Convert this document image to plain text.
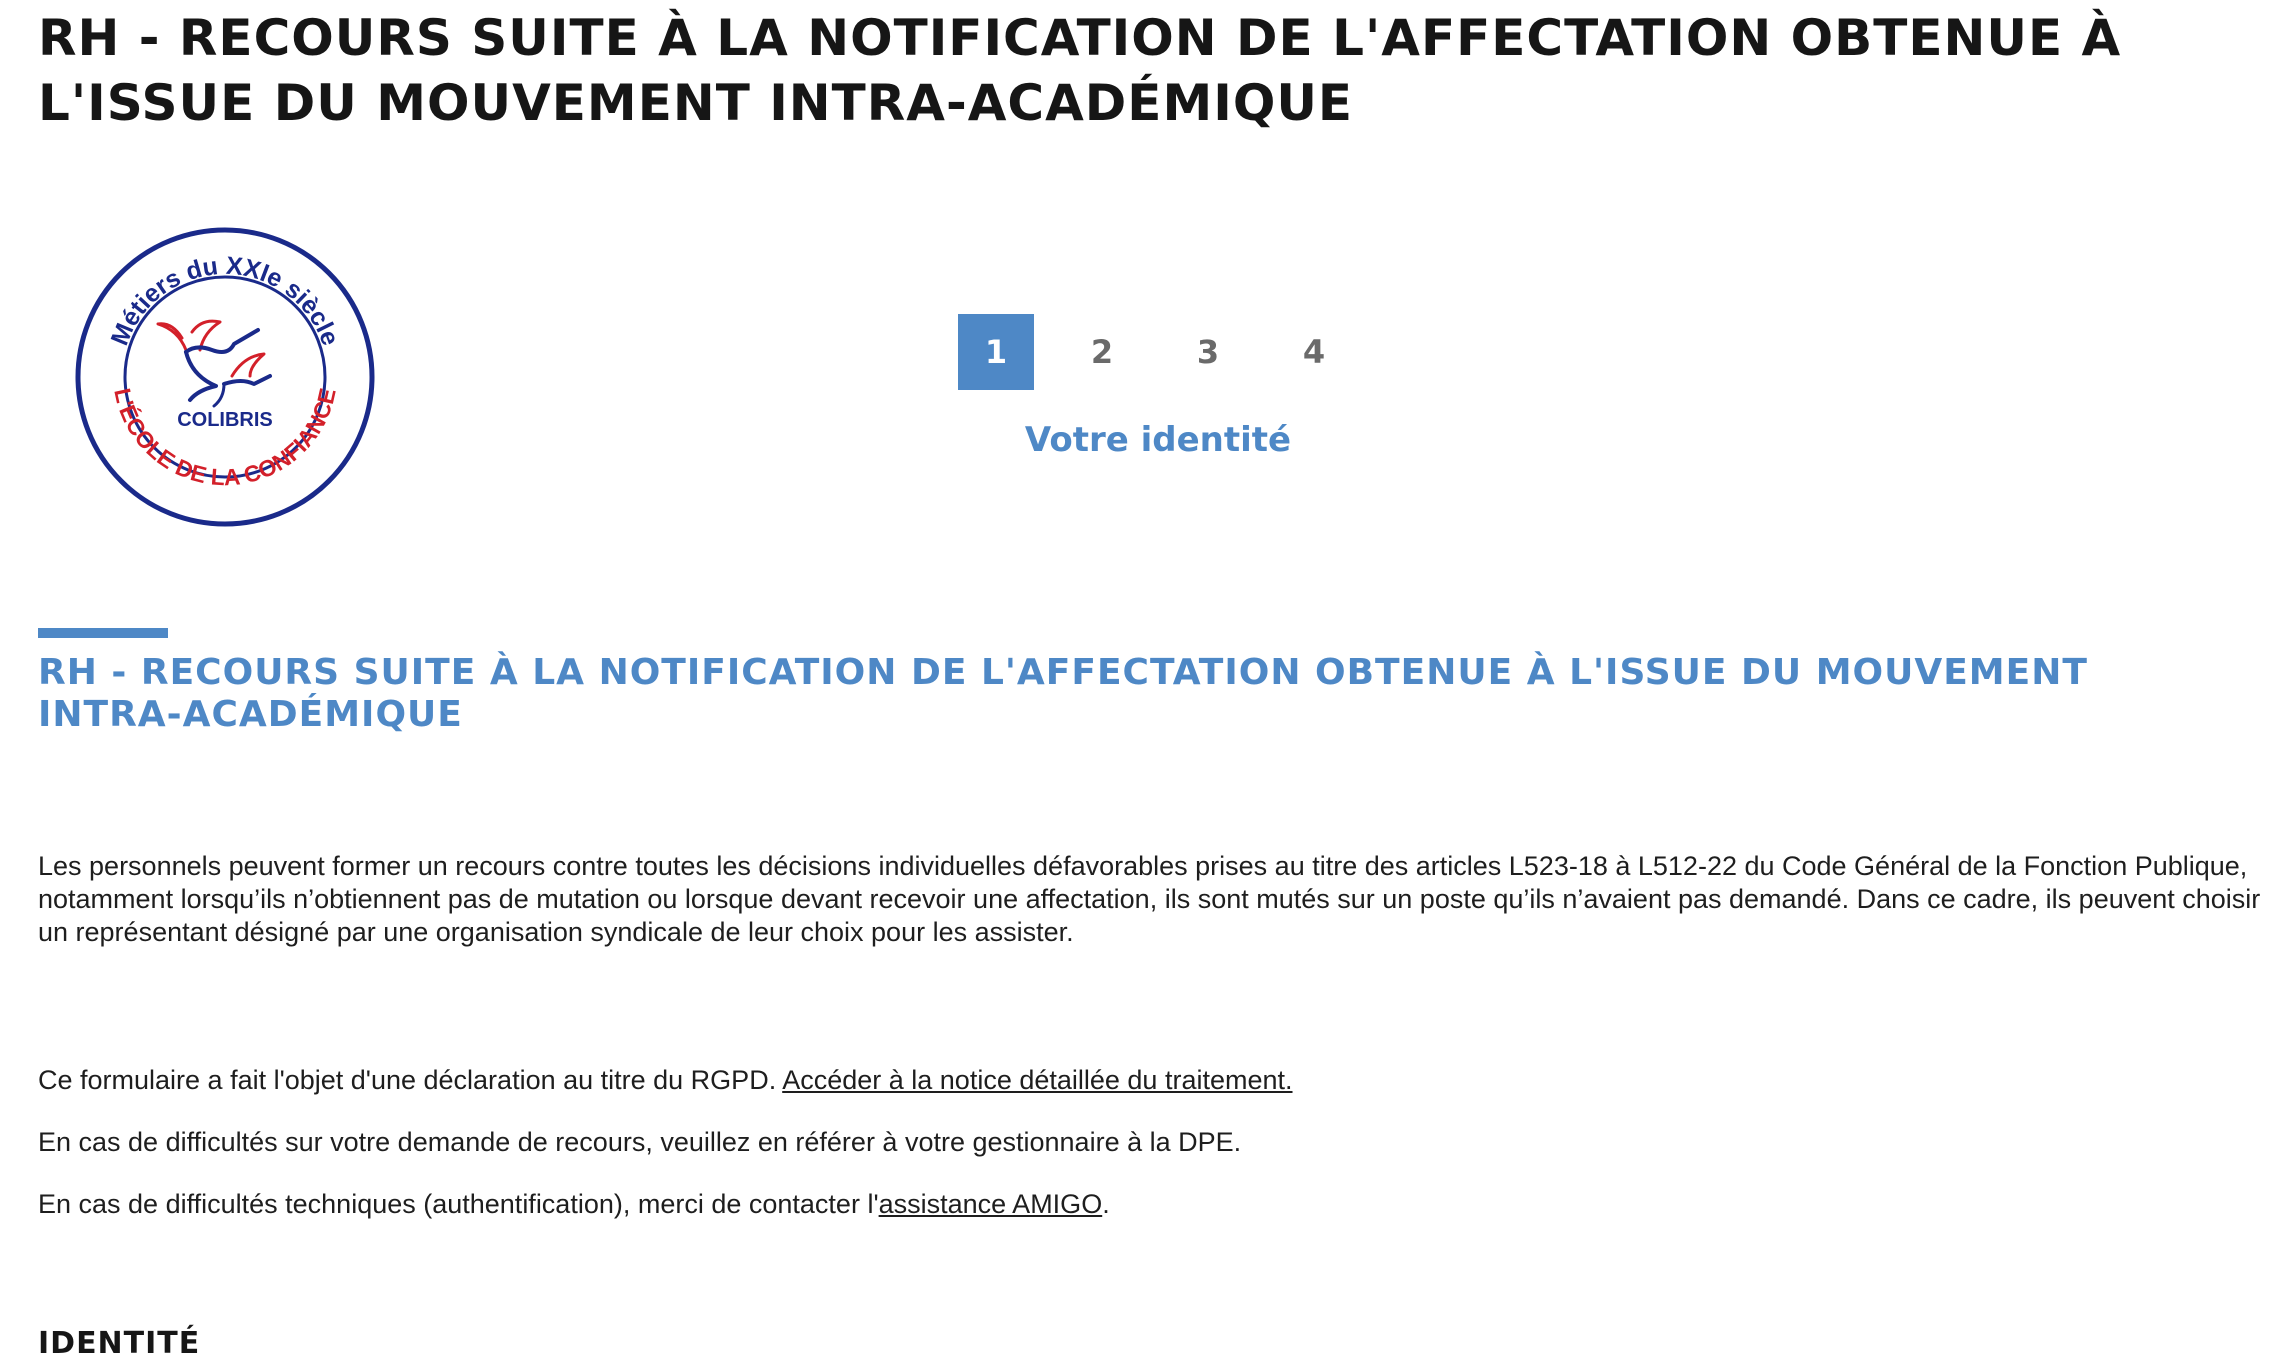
RH - RECOURS SUITE À LA NOTIFICATION DE L'AFFECTATION OBTENUE À L'ISSUE DU MOUVEMENT INTRA-ACADÉMIQUE
Métiers du XXIe siècle
L'ÉCOLE DE LA CONFIANCE
COLIBRIS
1	2	3	4
Votre identité
RH - RECOURS SUITE À LA NOTIFICATION DE L'AFFECTATION OBTENUE À L'ISSUE DU MOUVEMENT INTRA-ACADÉMIQUE

Les personnels peuvent former un recours contre toutes les décisions individuelles défavorables prises au titre des articles L523-18 à L512-22 du Code Général de la Fonction Publique, notamment lorsqu’ils n’obtiennent pas de mutation ou lorsque devant recevoir une affectation, ils sont mutés sur un poste qu’ils n’avaient pas demandé. Dans ce cadre, ils peuvent choisir un représentant désigné par une organisation syndicale de leur choix pour les assister.

Ce formulaire a fait l'objet d'une déclaration au titre du RGPD. Accéder à la notice détaillée du traitement.

En cas de difficultés sur votre demande de recours, veuillez en référer à votre gestionnaire à la DPE.

En cas de difficultés techniques (authentification), merci de contacter l'assistance AMIGO.

IDENTITÉ
